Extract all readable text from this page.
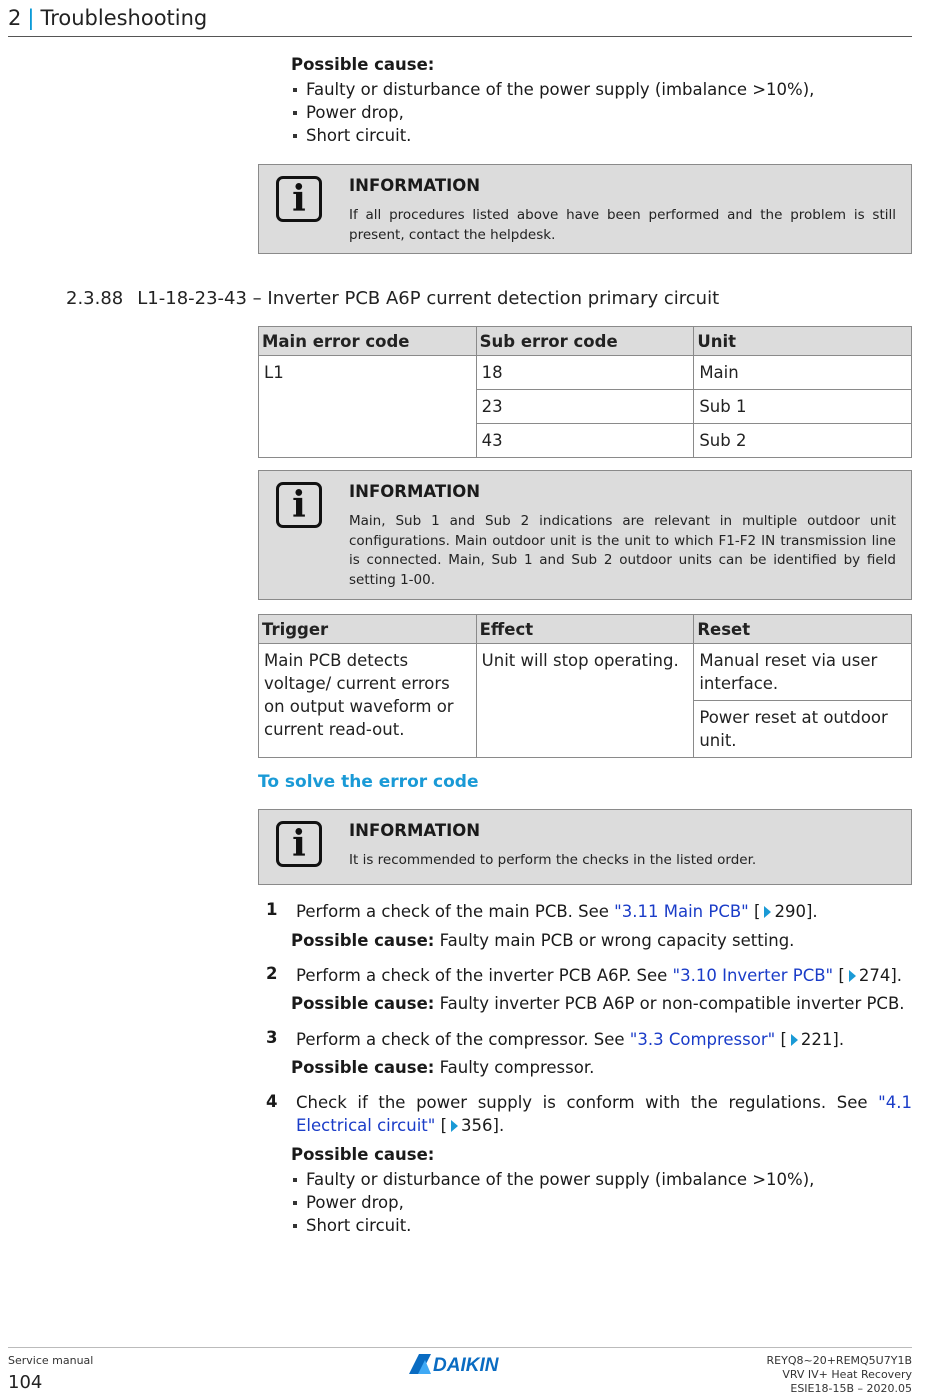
2 | Troubleshooting
Possible cause:
Faulty or disturbance of the power supply (imbalance >10%),
Power drop,
Short circuit.
i	INFORMATION
If all procedures listed above have been performed and the problem is still present, contact the helpdesk.
2.3.88 L1-18-23-43 – Inverter PCB A6P current detection primary circuit
Main error code	Sub error code	Unit
L1	18	Main
	23	Sub 1
	43	Sub 2
i	INFORMATION
Main, Sub 1 and Sub 2 indications are relevant in multiple outdoor unit configurations. Main outdoor unit is the unit to which F1-F2 IN transmission line is connected. Main, Sub 1 and Sub 2 outdoor units can be identified by field setting 1-00.
Trigger	Effect	Reset
Main PCB detects voltage/ current errors on output waveform or current read-out.	Unit will stop operating.	Manual reset via user interface.
		Power reset at outdoor unit.
To solve the error code
i	INFORMATION
It is recommended to perform the checks in the listed order.
1 Perform a check of the main PCB. See "3.11 Main PCB" [ 290].
Possible cause: Faulty main PCB or wrong capacity setting.
2 Perform a check of the inverter PCB A6P. See "3.10 Inverter PCB" [ 274].
Possible cause: Faulty inverter PCB A6P or non-compatible inverter PCB.
3 Perform a check of the compressor. See "3.3 Compressor" [ 221].
Possible cause: Faulty compressor.
4 Check if the power supply is conform with the regulations. See "4.1 Electrical circuit" [ 356].
Possible cause:
Faulty or disturbance of the power supply (imbalance >10%),
Power drop,
Short circuit.
Service manual
104
DAIKIN	REYQ8~20+REMQ5U7Y1B
VRV IV+ Heat Recovery
ESIE18-15B – 2020.05
